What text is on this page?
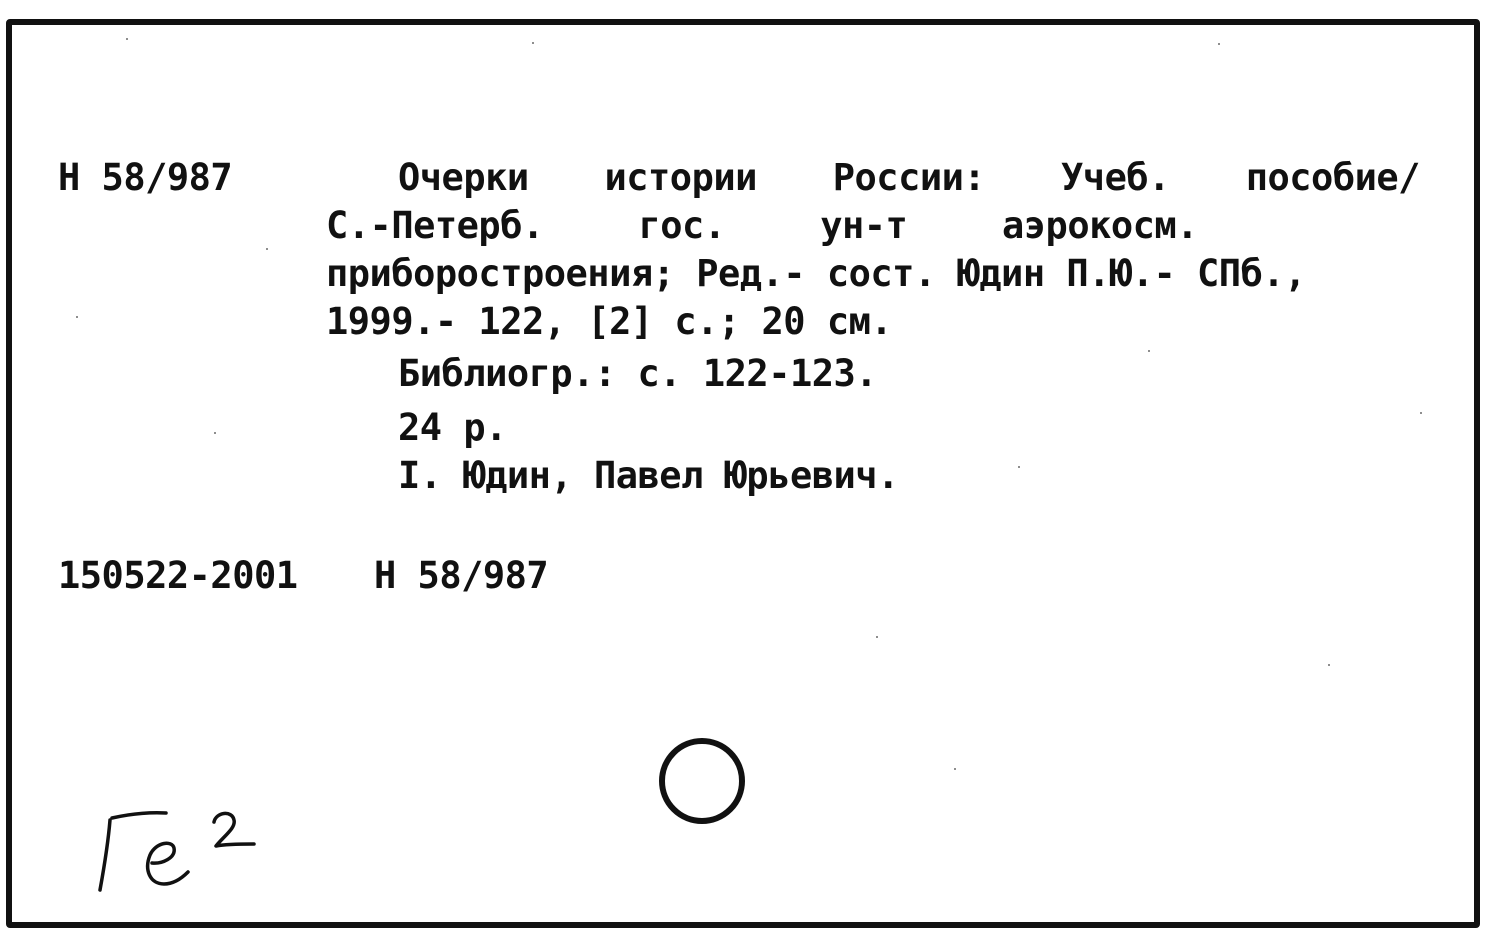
Н 58/987	Очерки истории России: Учеб. пособие/
С.-Петерб.	гос.	ун-т	аэрокосм.
приборостроения; Ред.- сост. Юдин П.Ю.- СПб.,
1999.- 122, [2] с.; 20 см.
Библиогр.: с. 122-123.
24 р.
I. Юдин, Павел Юрьевич.
150522-2001 Н 58/987
